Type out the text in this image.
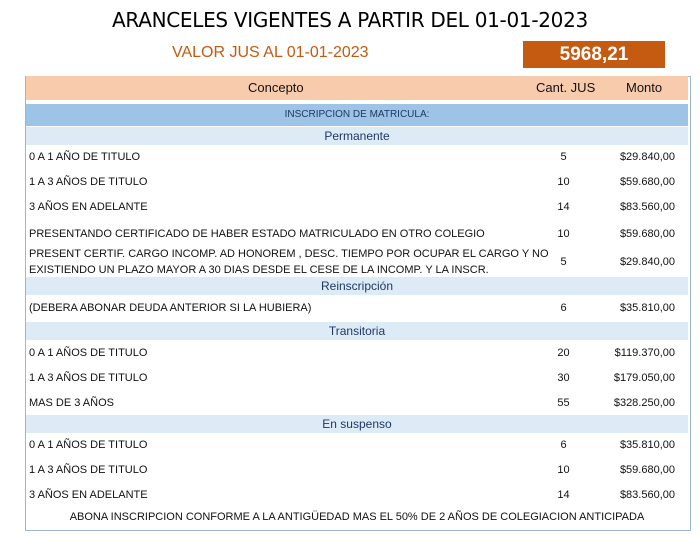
ARANCELES VIGENTES A PARTIR DEL 01-01-2023
VALOR JUS AL 01-01-2023	5968,21
Concepto	Cant. JUS Monto
INSCRIPCION DE MATRICULA:
Permanente
0 A 1 AÑO DE TITULO	5	$29.840,00
1 A 3 AÑOS DE TITULO	10	$59.680,00
3 AÑOS EN ADELANTE	14	$83.560,00
PRESENTANDO CERTIFICADO DE HABER ESTADO MATRICULADO EN OTRO COLEGIO	10	$59.680,00
PRESENT CERTIF. CARGO INCOMP. AD HONOREM , DESC. TIEMPO POR OCUPAR EL CARGO Y NO
EXISTIENDO UN PLAZO MAYOR A 30 DIAS DESDE EL CESE DE LA INCOMP. Y LA INSCR.
5	$29.840,00
Reinscripción
(DEBERA ABONAR DEUDA ANTERIOR SI LA HUBIERA)	6	$35.810,00
Transitoria
0 A 1 AÑOS DE TITULO	20	$119.370,00
1 A 3 AÑOS DE TITULO	30	$179.050,00
MAS DE 3 AÑOS	55	$328.250,00
En suspenso
0 A 1 AÑOS DE TITULO	6	$35.810,00
1 A 3 AÑOS DE TITULO	10	$59.680,00
3 AÑOS EN ADELANTE	14	$83.560,00
ABONA INSCRIPCION CONFORME A LA ANTIGÜEDAD MAS EL 50% DE 2 AÑOS DE COLEGIACION ANTICIPADA
